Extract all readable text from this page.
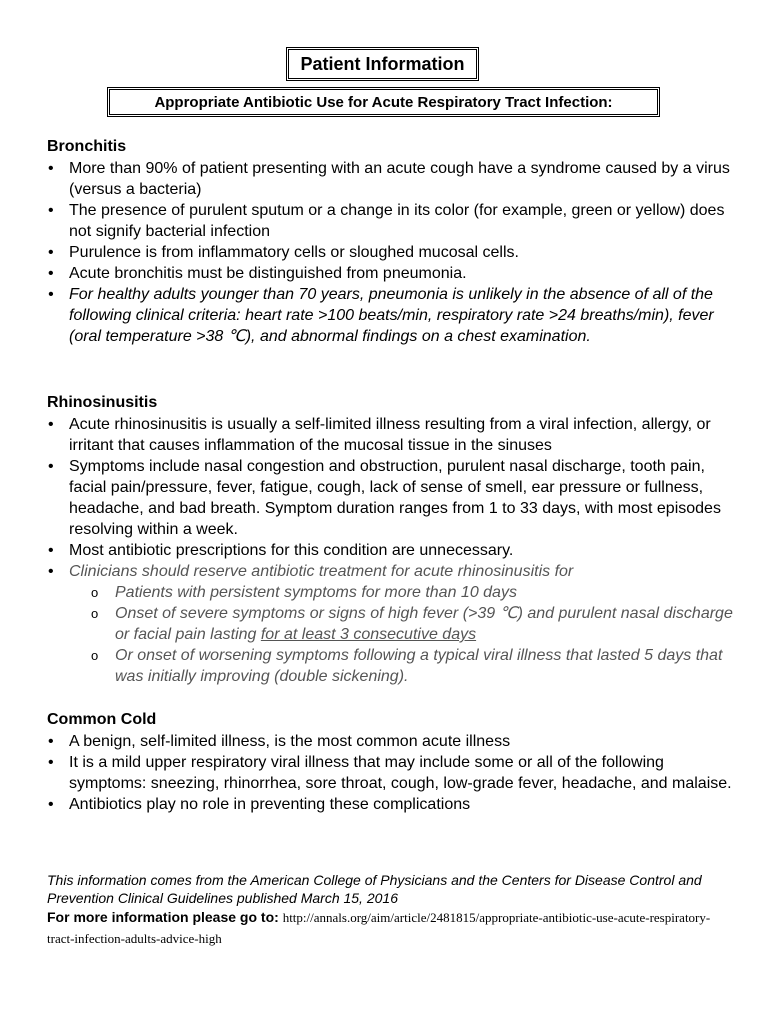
Patient Information
Appropriate Antibiotic Use for Acute Respiratory Tract Infection:
Bronchitis
• More than 90% of patient presenting with an acute cough have a syndrome caused by a virus (versus a bacteria)
• The presence of purulent sputum or a change in its color (for example, green or yellow) does not signify bacterial infection
• Purulence is from inflammatory cells or sloughed mucosal cells.
• Acute bronchitis must be distinguished from pneumonia.
• For healthy adults younger than 70 years, pneumonia is unlikely in the absence of all of the following clinical criteria: heart rate >100 beats/min, respiratory rate >24 breaths/min), fever (oral temperature >38 ℃), and abnormal findings on a chest examination.
Rhinosinusitis
• Acute rhinosinusitis is usually a self-limited illness resulting from a viral infection, allergy, or irritant that causes inflammation of the mucosal tissue in the sinuses
• Symptoms include nasal congestion and obstruction, purulent nasal discharge, tooth pain, facial pain/pressure, fever, fatigue, cough, lack of sense of smell, ear pressure or fullness, headache, and bad breath. Symptom duration ranges from 1 to 33 days, with most episodes resolving within a week.
• Most antibiotic prescriptions for this condition are unnecessary.
• Clinicians should reserve antibiotic treatment for acute rhinosinusitis for
o Patients with persistent symptoms for more than 10 days
o Onset of severe symptoms or signs of high fever (>39 ℃) and purulent nasal discharge or facial pain lasting for at least 3 consecutive days
o Or onset of worsening symptoms following a typical viral illness that lasted 5 days that was initially improving (double sickening).
Common Cold
• A benign, self-limited illness, is the most common acute illness
• It is a mild upper respiratory viral illness that may include some or all of the following symptoms: sneezing, rhinorrhea, sore throat, cough, low-grade fever, headache, and malaise.
• Antibiotics play no role in preventing these complications
This information comes from the American College of Physicians and the Centers for Disease Control and Prevention Clinical Guidelines published March 15, 2016
For more information please go to: http://annals.org/aim/article/2481815/appropriate-antibiotic-use-acute-respiratory-tract-infection-adults-advice-high
